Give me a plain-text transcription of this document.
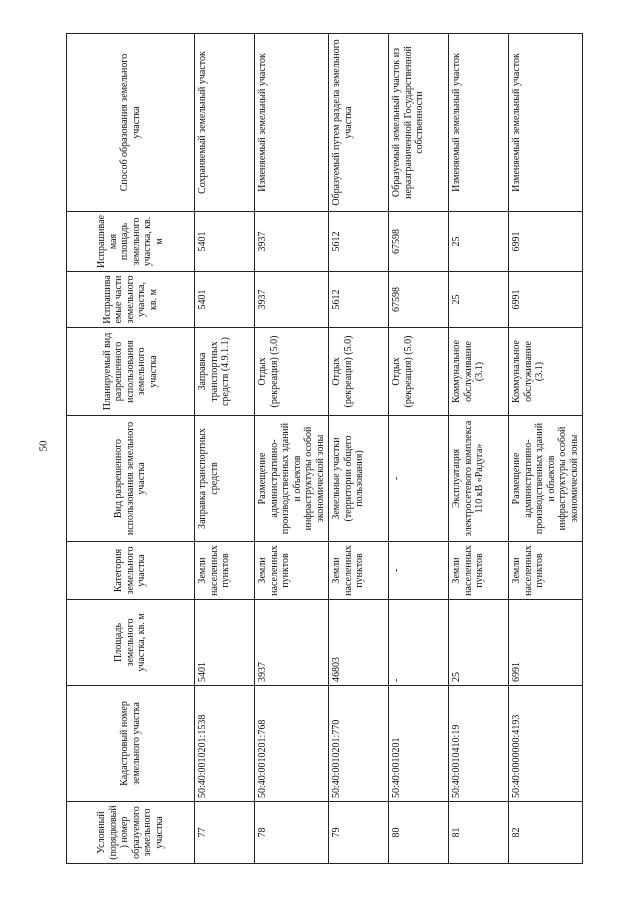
50
Условный (порядковый) номер образуемого земельного участка	Кадастровый номер земельного участка	Площадь земельного участка, кв. м	Категория земельного участка	Вид разрешенного использования земельного участка	Планируемый вид разрешенного использования земельного участка	Испрашиваемые части земельного участка, кв. м	Испрашиваемая площадь земельного участка, кв. м	Способ образования земельного участка
77	50:40:0010201:1538	5401	Земли населенных пунктов	Заправка транспортных средств	Заправка транспортных средств (4.9.1.1)	5401	5401	Сохраняемый земельный участок
78	50:40:0010201:768	3937	Земли населенных пунктов	Размещение административно-производственных зданий и объектов инфраструктуры особой экономической зоны	Отдых (рекреация) (5.0)	3937	3937	Изменяемый земельный участок
79	50:40:0010201:770	46803	Земли населенных пунктов	Земельные участки (территории общего пользования)	Отдых (рекреация) (5.0)	5612	5612	Образуемый путем раздела земельного участка
80	50:40:0010201	-	-	-	Отдых (рекреация) (5.0)	67598	67598	Образуемый земельный участок из неразграниченной Государственной собственности
81	50:40:0010410:19	25	Земли населенных пунктов	Эксплуатация электросетевого комплекса 110 кВ «Радуга»	Коммунальное обслуживание (3.1)	25	25	Изменяемый земельный участок
82	50:40:0000000:4193	6991	Земли населенных пунктов	Размещение административно-производственных зданий и объектов инфраструктуры особой экономической зоны	Коммунальное обслуживание (3.1)	6991	6991	Изменяемый земельный участок
